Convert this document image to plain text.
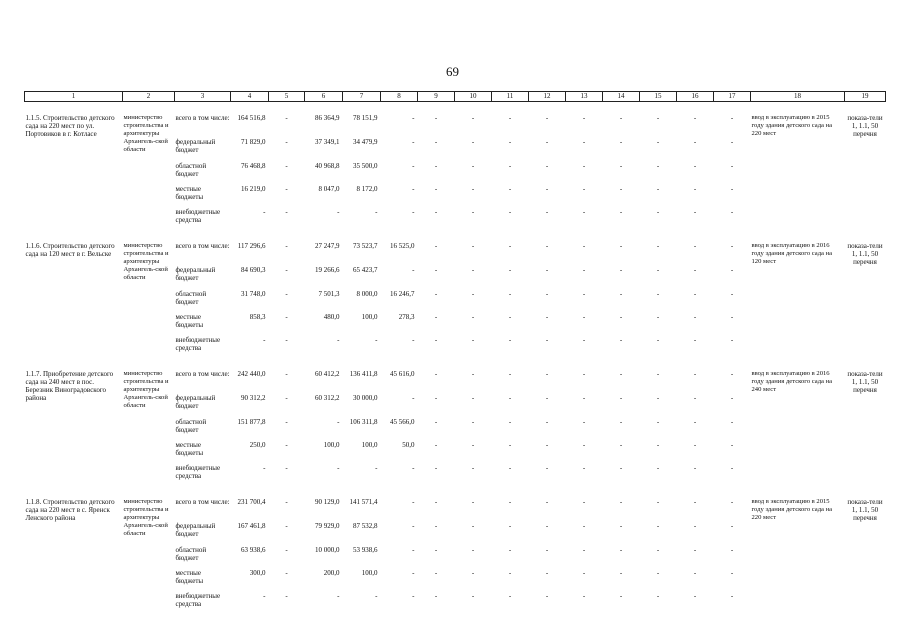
69
1	2	3	4	5	6	7	8	9	10	11	12	13	14	15	16	17	18	19

1.1.5. Строительство детского сада на 220 мест по ул. Портовиков в г. Котласе	министерство строительства и архитектуры Архангель-ской области	всего в том числе:	164 516,8	-	86 364,9	78 151,9	-	-	-	-	-	-	-	-	-	-	ввод в эксплуатацию в 2015 году здания детского сада на 220 мест	показа-тели 1, 1.1, 50 перечня
		федеральный бюджет	71 829,0	-	37 349,1	34 479,9	-	-	-	-	-	-	-	-	-	-		
		областной бюджет	76 468,8	-	40 968,8	35 500,0	-	-	-	-	-	-	-	-	-	-		
		местные бюджеты	16 219,0	-	8 047,0	8 172,0	-	-	-	-	-	-	-	-	-	-		
		внебюджетные средства	-	-	-	-	-	-	-	-	-	-	-	-	-	-		

1.1.6. Строительство детского сада на 120 мест в г. Вельске	министерство строительства и архитектуры Архангель-ской области	всего в том числе:	117 296,6	-	27 247,9	73 523,7	16 525,0	-	-	-	-	-	-	-	-	-	ввод в эксплуатацию в 2016 году здания детского сада на 120 мест	показа-тели 1, 1.1, 50 перечня
		федеральный бюджет	84 690,3	-	19 266,6	65 423,7	-	-	-	-	-	-	-	-	-	-		
		областной бюджет	31 748,0	-	7 501,3	8 000,0	16 246,7	-	-	-	-	-	-	-	-	-		
		местные бюджеты	858,3	-	480,0	100,0	278,3	-	-	-	-	-	-	-	-	-		
		внебюджетные средства	-	-	-	-	-	-	-	-	-	-	-	-	-	-		

1.1.7. Приобретение детского сада на 240 мест в пос. Березник Виноградовского района	министерство строительства и архитектуры Архангель-ской области	всего в том числе:	242 440,0	-	60 412,2	136 411,8	45 616,0	-	-	-	-	-	-	-	-	-	ввод в эксплуатацию в 2016 году здания детского сада на 240 мест	показа-тели 1, 1.1, 50 перечня
		федеральный бюджет	90 312,2	-	60 312,2	30 000,0	-	-	-	-	-	-	-	-	-	-		
		областной бюджет	151 877,8	-	-	106 311,8	45 566,0	-	-	-	-	-	-	-	-	-		
		местные бюджеты	250,0	-	100,0	100,0	50,0	-	-	-	-	-	-	-	-	-		
		внебюджетные средства	-	-	-	-	-	-	-	-	-	-	-	-	-	-		

1.1.8. Строительство детского сада на 220 мест в с. Яренск Ленского района	министерство строительства и архитектуры Архангель-ской области	всего в том числе:	231 700,4	-	90 129,0	141 571,4	-	-	-	-	-	-	-	-	-	-	ввод в эксплуатацию в 2015 году здания детского сада на 220 мест	показа-тели 1, 1.1, 50 перечня
		федеральный бюджет	167 461,8	-	79 929,0	87 532,8	-	-	-	-	-	-	-	-	-	-		
		областной бюджет	63 938,6	-	10 000,0	53 938,6	-	-	-	-	-	-	-	-	-	-		
		местные бюджеты	300,0	-	200,0	100,0	-	-	-	-	-	-	-	-	-	-		
		внебюджетные средства	-	-	-	-	-	-	-	-	-	-	-	-	-	-		
